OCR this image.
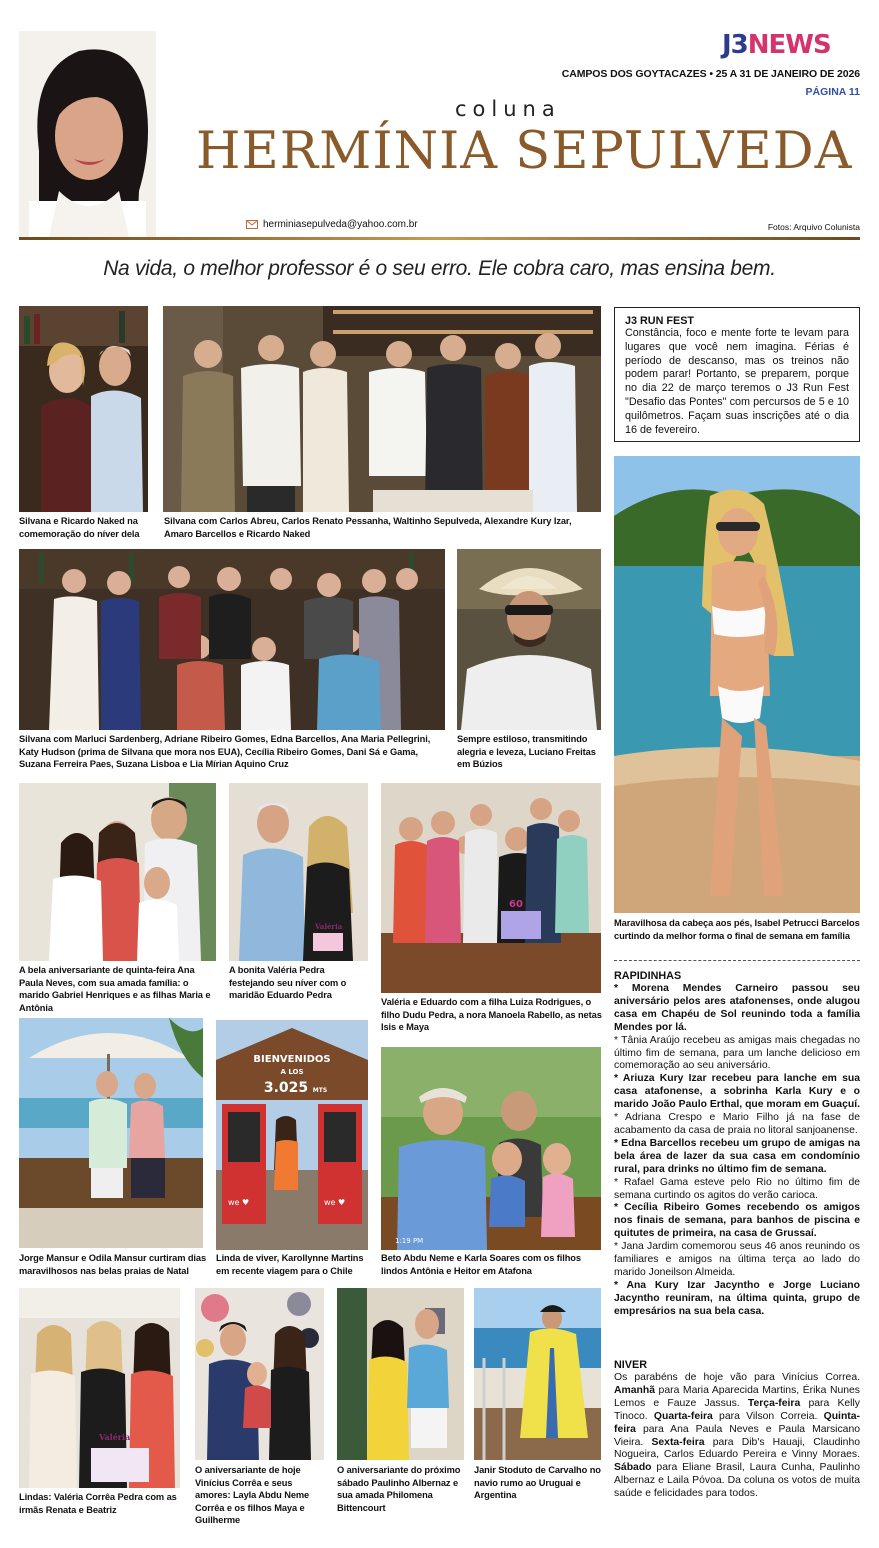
J3NEWS
CAMPOS DOS GOYTACAZES • 25 A 31 DE JANEIRO DE 2026
PÁGINA 11
coluna
HERMÍNIA SEPULVEDA
herminiasepulveda@yahoo.com.br	Fotos: Arquivo Colunista
Na vida, o melhor professor é o seu erro. Ele cobra caro, mas ensina bem.
Silvana e Ricardo Naked na comemoração do níver dela
Silvana com Carlos Abreu, Carlos Renato Pessanha, Waltinho Sepulveda, Alexandre Kury Izar, Amaro Barcellos e Ricardo Naked
Silvana com Marluci Sardenberg, Adriane Ribeiro Gomes, Edna Barcellos, Ana Maria Pellegrini, Katy Hudson (prima de Silvana que mora nos EUA), Cecília Ribeiro Gomes, Dani Sá e Gama, Suzana Ferreira Paes, Suzana Lisboa e Lia Mírian Aquino Cruz
Sempre estiloso, transmitindo alegria e leveza, Luciano Freitas em Búzios
J3 RUN FEST
Constância, foco e mente forte te levam para lugares que você nem imagina. Férias é período de descanso, mas os treinos não podem parar! Portanto, se preparem, porque no dia 22 de março teremos o J3 Run Fest "Desafio das Pontes" com percursos de 5 e 10 quilômetros. Façam suas inscrições até o dia 16 de fevereiro.
Maravilhosa da cabeça aos pés, Isabel Petrucci Barcelos curtindo da melhor forma o final de semana em família
A bela aniversariante de quinta-feira Ana Paula Neves, com sua amada família: o marido Gabriel Henriques e as filhas Maria e Antônia
Valéria
A bonita Valéria Pedra festejando seu níver com o maridão Eduardo Pedra
60
Valéria e Eduardo com a filha Luiza Rodrigues, o filho Dudu Pedra, a nora Manoela Rabello, as netas Isis e Maya
Jorge Mansur e Odila Mansur curtiram dias maravilhosos nas belas praias de Natal
BIENVENIDOS
A LOS
3.025 MTS
we ♥	we ♥
Linda de viver, Karollynne Martins em recente viagem para o Chile
1:19 PM
Beto Abdu Neme e Karla Soares com os filhos lindos Antônia e Heitor em Atafona
Valéria
Lindas: Valéria Corrêa Pedra com as irmãs Renata e Beatriz
O aniversariante de hoje Vinícius Corrêa e seus amores: Layla Abdu Neme Corrêa e os filhos Maya e Guilherme
O aniversariante do próximo sábado Paulinho Albernaz e sua amada Philomena Bittencourt
Janir Stoduto de Carvalho no navio rumo ao Uruguai e Argentina
RAPIDINHAS

* Morena Mendes Carneiro passou seu aniversário pelos ares atafonenses, onde alugou casa em Chapéu de Sol reunindo toda a família Mendes por lá.

* Tânia Araújo recebeu as amigas mais chegadas no último fim de semana, para um lanche delicioso em comemoração ao seu aniversário.

* Ariuza Kury Izar recebeu para lanche em sua casa atafonense, a sobrinha Karla Kury e o marido João Paulo Erthal, que moram em Guaçuí.

* Adriana Crespo e Mario Filho já na fase de acabamento da casa de praia no litoral sanjoanense.

* Edna Barcellos recebeu um grupo de amigas na bela área de lazer da sua casa em condomínio rural, para drinks no último fim de semana.

* Rafael Gama esteve pelo Rio no último fim de semana curtindo os agitos do verão carioca.

* Cecília Ribeiro Gomes recebendo os amigos nos finais de semana, para banhos de piscina e quitutes de primeira, na casa de Grussaí.

* Jana Jardim comemorou seus 46 anos reunindo os familiares e amigos na última terça ao lado do marido Joneilson Almeida.

* Ana Kury Izar Jacyntho e Jorge Luciano Jacyntho reuniram, na última quinta, grupo de empresários na sua bela casa.

NIVER
Os parabéns de hoje vão para Vinícius Correa. Amanhã para Maria Aparecida Martins, Érika Nunes Lemos e Fauze Jassus. Terça-feira para Kelly Tinoco. Quarta-feira para Vilson Correia. Quinta-feira para Ana Paula Neves e Paula Marsicano Vieira. Sexta-feira para Dib's Hauaji, Claudinho Nogueira, Carlos Eduardo Pereira e Vinny Moraes. Sábado para Eliane Brasil, Laura Cunha, Paulinho Albernaz e Laila Póvoa. Da coluna os votos de muita saúde e felicidades para todos.
